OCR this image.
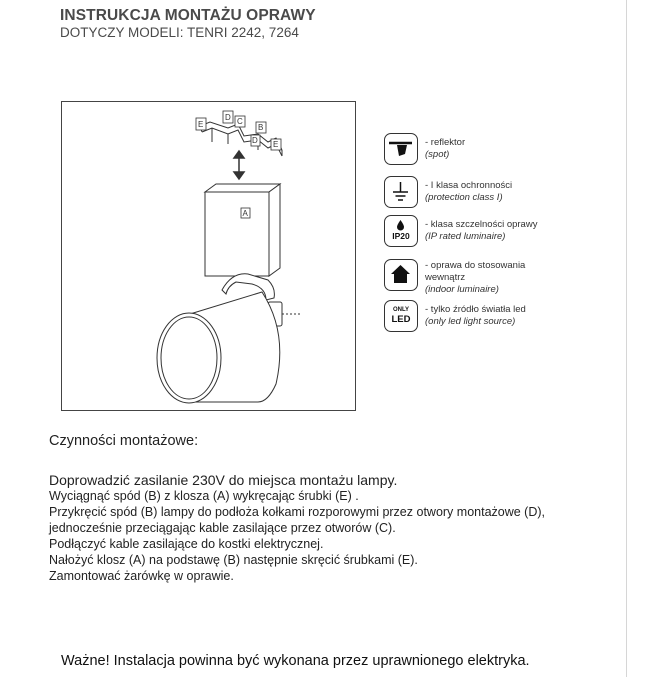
INSTRUKCJA MONTAŻU OPRAWY
DOTYCZY MODELI: TENRI 2242, 7264
E
D C
B
D E
A
- reflektor
(spot)
- I klasa ochronności
(protection class I)
IP20
- klasa szczelności oprawy
(IP rated luminaire)
- oprawa do stosowania
wewnątrz
(indoor luminaire)
ONLY
LED
- tylko źródło światła led
(only led light source)
Czynności montażowe:
Doprowadzić zasilanie 230V do miejsca montażu lampy.
Wyciągnąć spód (B) z klosza (A) wykręcając śrubki (E) .
Przykręcić spód (B) lampy do podłoża kołkami rozporowymi przez otwory montażowe (D),
jednocześnie przeciągając kable zasilające przez otworów (C).
Podłączyć kable zasilające do kostki elektrycznej.
Nałożyć klosz (A) na podstawę (B) następnie skręcić śrubkami (E).
Zamontować żarówkę w oprawie.
Ważne! Instalacja powinna być wykonana przez uprawnionego elektryka.
